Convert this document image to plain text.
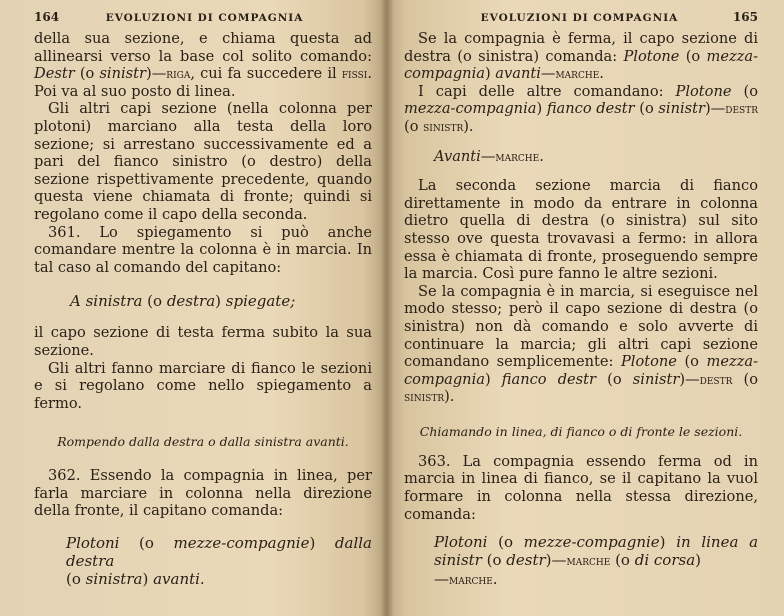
164	EVOLUZIONI DI COMPAGNIA

della sua sezione, e chiama questa ad allinearsi verso la base col solito comando: Destr (o sinistr)—riga, cui fa succedere il fissi. Poi va al suo posto di linea.

Gli altri capi sezione (nella colonna per plotoni) marciano alla testa della loro sezione; si arrestano successivamente ed a pari del fianco sinistro (o destro) della sezione rispettivamente precedente, quando questa viene chiamata di fronte; quindi si regolano come il capo della seconda.

361. Lo spiegamento si può anche comandare mentre la colonna è in marcia. In tal caso al comando del capitano:

A sinistra (o destra) spiegate;

il capo sezione di testa ferma subito la sua sezione.

Gli altri fanno marciare di fianco le sezioni e si regolano come nello spiegamento a fermo.

Rompendo dalla destra o dalla sinistra avanti.

362. Essendo la compagnia in linea, per farla marciare in colonna nella direzione della fronte, il capitano comanda:

Plotoni (o mezze-compagnie) dalla destra
(o sinistra) avanti.

EVOLUZIONI DI COMPAGNIA	165

Se la compagnia è ferma, il capo sezione di destra (o sinistra) comanda: Plotone (o mezza-compagnia) avanti—marche.

I capi delle altre comandano: Plotone (o mezza-compagnia) fianco destr (o sinistr)—destr (o sinistr).

Avanti—marche.

La seconda sezione marcia di fianco direttamente in modo da entrare in colonna dietro quella di destra (o sinistra) sul sito stesso ove questa trovavasi a fermo: in allora essa è chiamata di fronte, proseguendo sempre la marcia. Così pure fanno le altre sezioni.

Se la compagnia è in marcia, si eseguisce nel modo stesso; però il capo sezione di destra (o sinistra) non dà comando e solo avverte di continuare la marcia; gli altri capi sezione comandano semplicemente: Plotone (o mezza-compagnia) fianco destr (o sinistr)—destr (o sinistr).

Chiamando in linea, di fianco o di fronte le sezioni.

363. La compagnia essendo ferma od in marcia in linea di fianco, se il capitano la vuol formare in colonna nella stessa direzione, comanda:

Plotoni (o mezze-compagnie) in linea a sinistr (o destr)—marche (o di corsa)
—marche.
